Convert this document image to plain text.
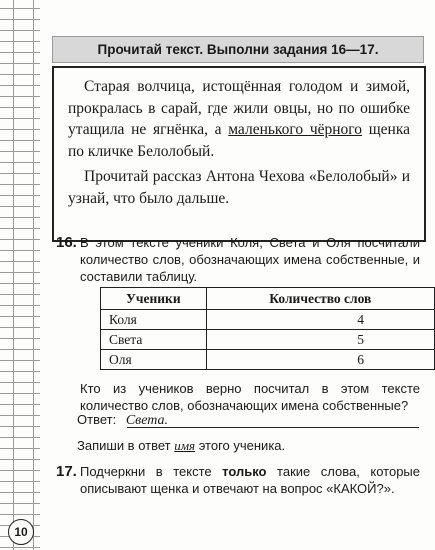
Прочитай текст. Выполни задания 16—17.

Старая волчица, истощённая голодом и зимой, прокралась в сарай, где жили овцы, но по ошибке утащила не ягнёнка, а маленького чёрного щенка по кличке Белолобый.

Прочитай рассказ Антона Чехова «Белолобый» и узнай, что было дальше.

16. В этом тексте ученики Коля, Света и Оля посчитали количество слов, обозначающих имена собственные, и составили таблицу.
Ученики	Количество слов
Коля	4
Света	5
Оля	6
Кто из учеников верно посчитал в этом тексте количество слов, обозначающих имена собственные?
Ответ: Света.
Запиши в ответ имя этого ученика.
17. Подчеркни в тексте только такие слова, которые описывают щенка и отвечают на вопрос «КАКОЙ?».
10
